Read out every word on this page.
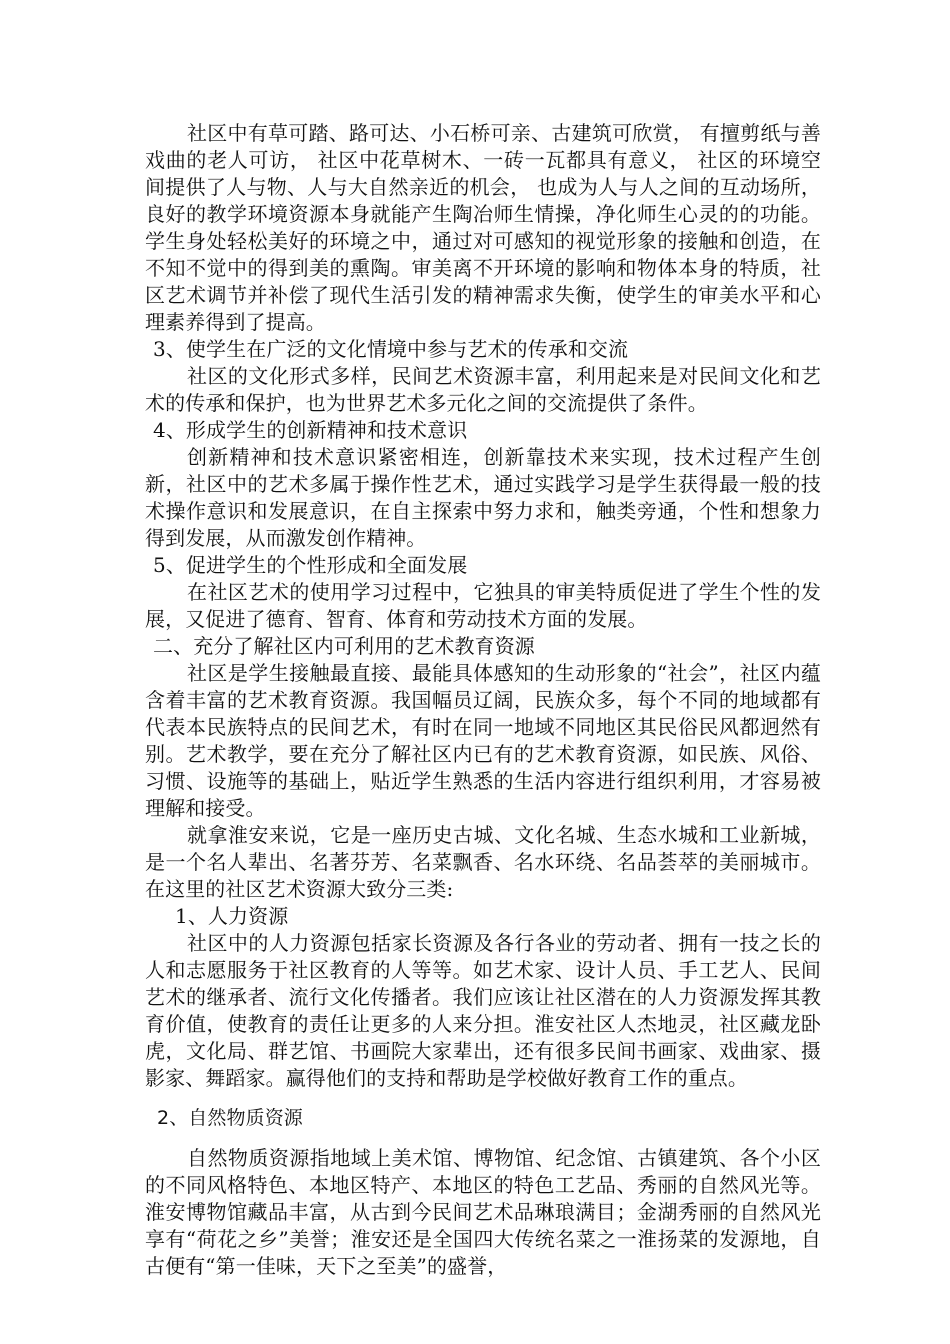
社区中有草可踏、路可达、小石桥可亲、古建筑可欣赏， 有擅剪纸与善戏曲的老人可访， 社区中花草树木、一砖一瓦都具有意义， 社区的环境空间提供了人与物、人与大自然亲近的机会， 也成为人与人之间的互动场所，良好的教学环境资源本身就能产生陶冶师生情操，净化师生心灵的的功能。学生身处轻松美好的环境之中，通过对可感知的视觉形象的接触和创造，在不知不觉中的得到美的熏陶。审美离不开环境的影响和物体本身的特质，社区艺术调节并补偿了现代生活引发的精神需求失衡，使学生的审美水平和心理素养得到了提高。

3、使学生在广泛的文化情境中参与艺术的传承和交流

社区的文化形式多样，民间艺术资源丰富，利用起来是对民间文化和艺术的传承和保护，也为世界艺术多元化之间的交流提供了条件。

4、形成学生的创新精神和技术意识

创新精神和技术意识紧密相连，创新靠技术来实现，技术过程产生创新，社区中的艺术多属于操作性艺术，通过实践学习是学生获得最一般的技术操作意识和发展意识，在自主探索中努力求和，触类旁通，个性和想象力得到发展，从而激发创作精神。

5、促进学生的个性形成和全面发展

在社区艺术的使用学习过程中，它独具的审美特质促进了学生个性的发展，又促进了德育、智育、体育和劳动技术方面的发展。

二、充分了解社区内可利用的艺术教育资源

社区是学生接触最直接、最能具体感知的生动形象的“社会”，社区内蕴含着丰富的艺术教育资源。我国幅员辽阔，民族众多，每个不同的地域都有代表本民族特点的民间艺术，有时在同一地域不同地区其民俗民风都迥然有别。艺术教学，要在充分了解社区内已有的艺术教育资源，如民族、风俗、习惯、设施等的基础上，贴近学生熟悉的生活内容进行组织利用，才容易被理解和接受。

就拿淮安来说，它是一座历史古城、文化名城、生态水城和工业新城，是一个名人辈出、名著芬芳、名菜飘香、名水环绕、名品荟萃的美丽城市。在这里的社区艺术资源大致分三类:

1、人力资源

社区中的人力资源包括家长资源及各行各业的劳动者、拥有一技之长的人和志愿服务于社区教育的人等等。如艺术家、设计人员、手工艺人、民间艺术的继承者、流行文化传播者。我们应该让社区潜在的人力资源发挥其教育价值，使教育的责任让更多的人来分担。淮安社区人杰地灵，社区藏龙卧虎，文化局、群艺馆、书画院大家辈出，还有很多民间书画家、戏曲家、摄影家、舞蹈家。赢得他们的支持和帮助是学校做好教育工作的重点。

2、自然物质资源

自然物质资源指地域上美术馆、博物馆、纪念馆、古镇建筑、各个小区的不同风格特色、本地区特产、本地区的特色工艺品、秀丽的自然风光等。淮安博物馆藏品丰富，从古到今民间艺术品琳琅满目；金湖秀丽的自然风光享有“荷花之乡”美誉；淮安还是全国四大传统名菜之一淮扬菜的发源地，自古便有“第一佳味，天下之至美”的盛誉，
